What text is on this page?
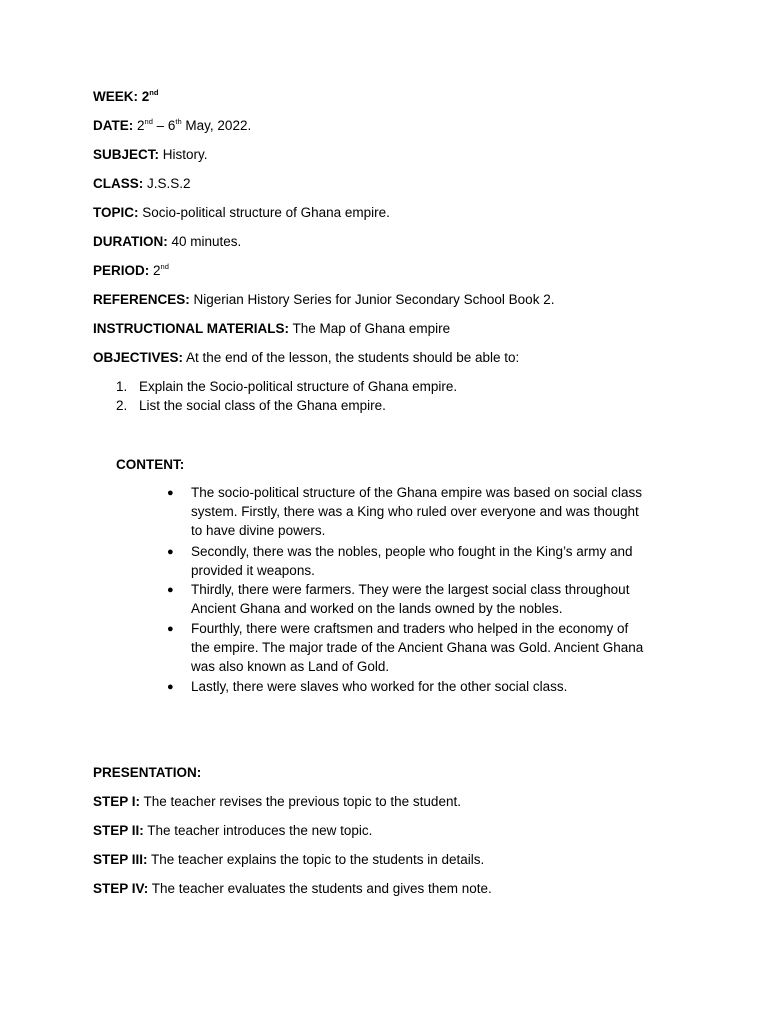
WEEK: 2nd
DATE: 2nd – 6th May, 2022.
SUBJECT: History.
CLASS: J.S.S.2
TOPIC: Socio-political structure of Ghana empire.
DURATION: 40 minutes.
PERIOD: 2nd
REFERENCES: Nigerian History Series for Junior Secondary School Book 2.
INSTRUCTIONAL MATERIALS: The Map of Ghana empire
OBJECTIVES: At the end of the lesson, the students should be able to:
1. Explain the Socio-political structure of Ghana empire.
2. List the social class of the Ghana empire.
CONTENT:
● The socio-political structure of the Ghana empire was based on social class
system. Firstly, there was a King who ruled over everyone and was thought
to have divine powers.
● Secondly, there was the nobles, people who fought in the King’s army and
provided it weapons.
● Thirdly, there were farmers. They were the largest social class throughout
Ancient Ghana and worked on the lands owned by the nobles.
● Fourthly, there were craftsmen and traders who helped in the economy of
the empire. The major trade of the Ancient Ghana was Gold. Ancient Ghana
was also known as Land of Gold.
● Lastly, there were slaves who worked for the other social class.
PRESENTATION:
STEP I: The teacher revises the previous topic to the student.
STEP II: The teacher introduces the new topic.
STEP III: The teacher explains the topic to the students in details.
STEP IV: The teacher evaluates the students and gives them note.
